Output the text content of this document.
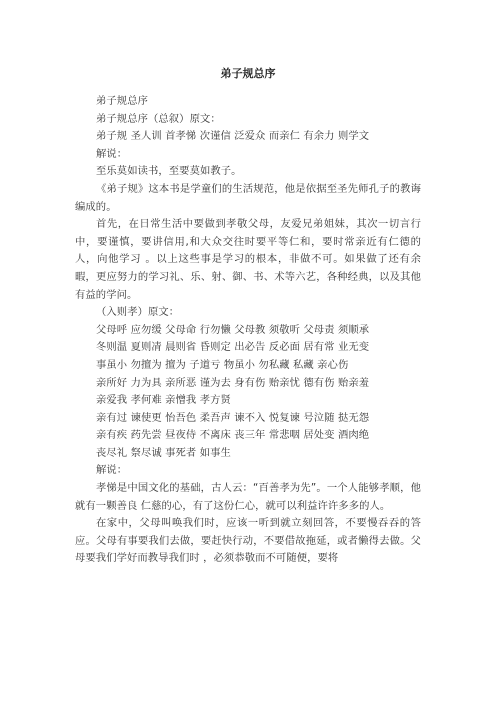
弟子规总序

弟子规总序

弟子规总序（总叙）原文：

弟子规 圣人训 首孝悌 次谨信 泛爱众 而亲仁 有余力 则学文

解说：

至乐莫如读书，至要莫如教子。

《弟子规》这本书是学童们的生活规范，他是依据至圣先师孔子的教诲编成的。

首先，在日常生活中要做到孝敬父母，友爱兄弟姐妹，其次一切言行中，要谨慎，要讲信用,和大众交往时要平等仁和，要时常亲近有仁德的人，向他学习 。以上这些事是学习的根本，非做不可。如果做了还有余暇，更应努力的学习礼、乐、射、御、书、术等六艺，各种经典，以及其他有益的学问。

（入则孝）原文：

父母呼 应勿缓 父母命 行勿懒 父母教 须敬听 父母责 须顺承

冬则温 夏则凊 晨则省 昏则定 出必告 反必面 居有常 业无变

事虽小 勿擅为 擅为 子道亏 物虽小 勿私藏 私藏 亲心伤

亲所好 力为具 亲所恶 谨为去 身有伤 贻亲忧 德有伤 贻亲羞

亲爱我 孝何难 亲憎我 孝方贤

亲有过 谏使更 怡吾色 柔吾声 谏不入 悦复谏 号泣随 挞无怨

亲有疾 药先尝 昼夜侍 不离床 丧三年 常悲咽 居处变 酒肉绝

丧尽礼 祭尽诚 事死者 如事生

解说：

孝悌是中国文化的基础，古人云：“百善孝为先”。一个人能够孝顺，他就有一颗善良 仁慈的心，有了这份仁心，就可以利益许许多多的人。

在家中，父母叫唤我们时，应该一听到就立刻回答，不要慢吞吞的答应。父母有事要我们去做，要赶快行动，不要借故拖延，或者懒得去做。父母要我们学好而教导我们时 ，必须恭敬而不可随便，要将
